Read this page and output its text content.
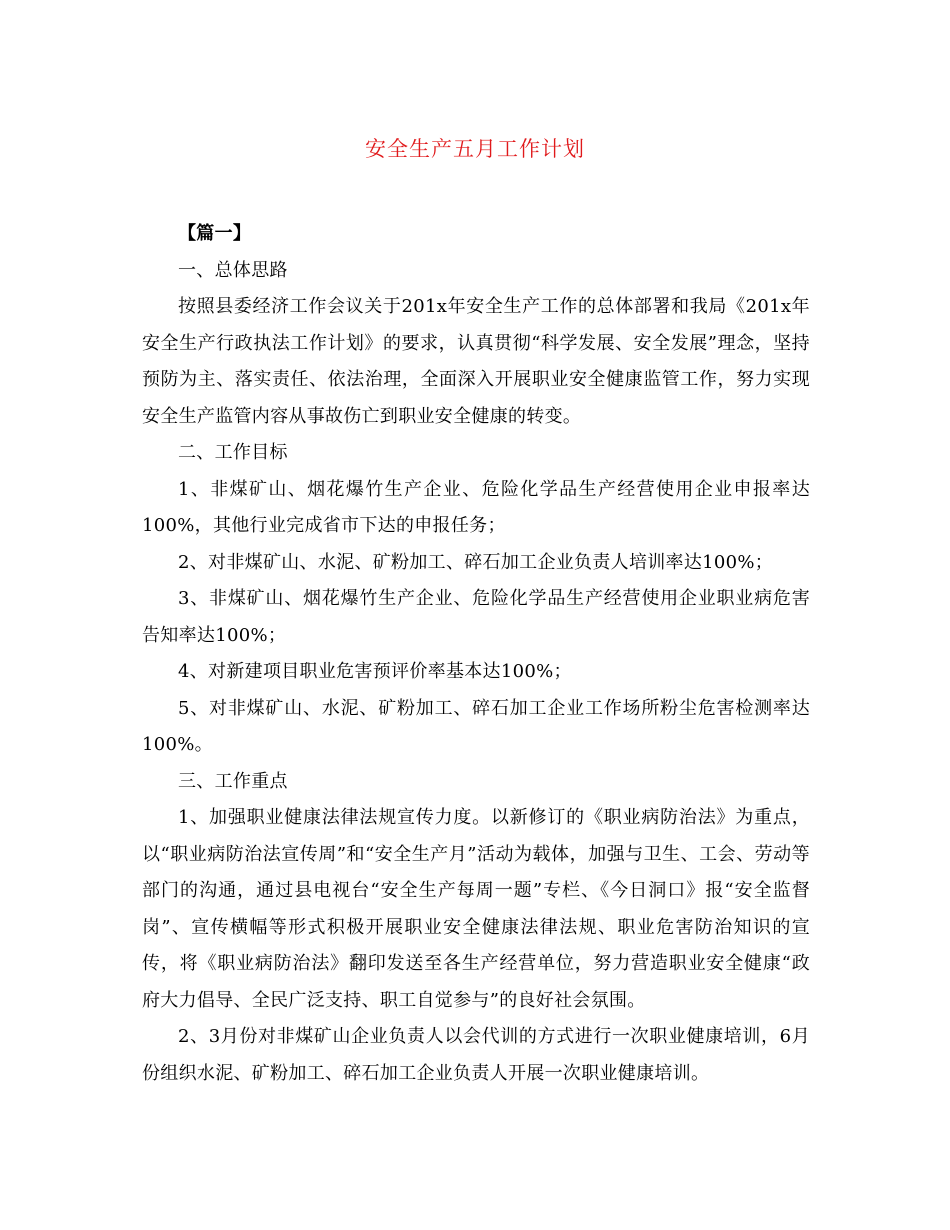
安全生产五月工作计划

【篇一】

一、总体思路

按照县委经济工作会议关于201x年安全生产工作的总体部署和我局《201x年安全生产行政执法工作计划》的要求，认真贯彻“科学发展、安全发展”理念，坚持预防为主、落实责任、依法治理，全面深入开展职业安全健康监管工作，努力实现安全生产监管内容从事故伤亡到职业安全健康的转变。

二、工作目标

1、非煤矿山、烟花爆竹生产企业、危险化学品生产经营使用企业申报率达100%，其他行业完成省市下达的申报任务；

2、对非煤矿山、水泥、矿粉加工、碎石加工企业负责人培训率达100%；

3、非煤矿山、烟花爆竹生产企业、危险化学品生产经营使用企业职业病危害告知率达100%；

4、对新建项目职业危害预评价率基本达100%；

5、对非煤矿山、水泥、矿粉加工、碎石加工企业工作场所粉尘危害检测率达100%。

三、工作重点

1、加强职业健康法律法规宣传力度。以新修订的《职业病防治法》为重点，以“职业病防治法宣传周”和“安全生产月”活动为载体，加强与卫生、工会、劳动等部门的沟通，通过县电视台“安全生产每周一题”专栏、《今日洞口》报“安全监督岗”、宣传横幅等形式积极开展职业安全健康法律法规、职业危害防治知识的宣传，将《职业病防治法》翻印发送至各生产经营单位，努力营造职业安全健康“政府大力倡导、全民广泛支持、职工自觉参与”的良好社会氛围。

2、3月份对非煤矿山企业负责人以会代训的方式进行一次职业健康培训，6月份组织水泥、矿粉加工、碎石加工企业负责人开展一次职业健康培训。
